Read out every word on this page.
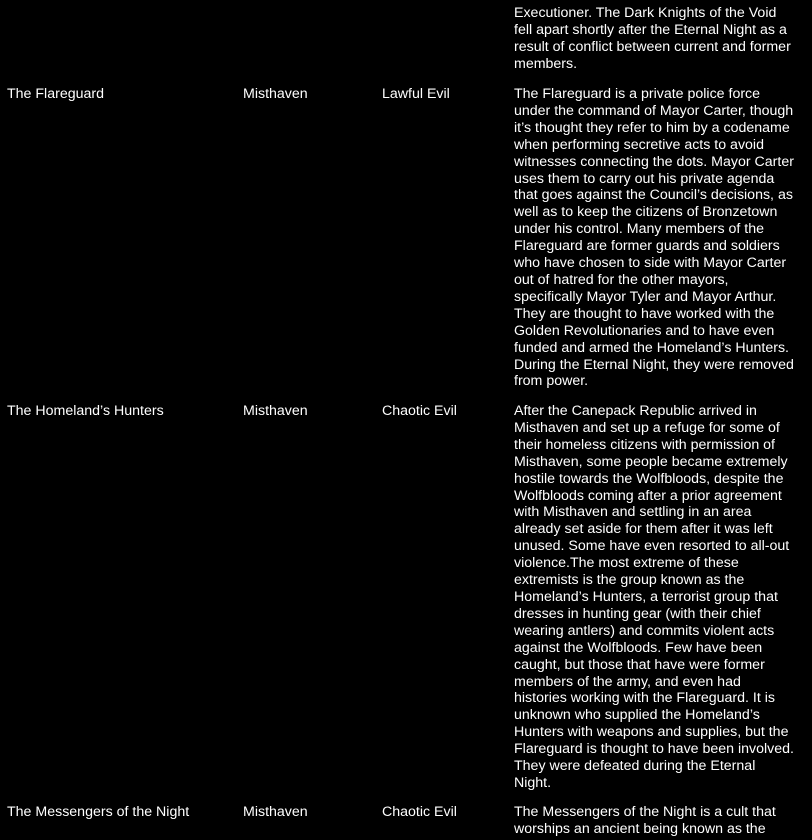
Executioner. The Dark Knights of the Void
fell apart shortly after the Eternal Night as a
result of conflict between current and former
members.
The Flareguard	Misthaven	Lawful Evil	The Flareguard is a private police force
under the command of Mayor Carter, though
it’s thought they refer to him by a codename
when performing secretive acts to avoid
witnesses connecting the dots. Mayor Carter
uses them to carry out his private agenda
that goes against the Council’s decisions, as
well as to keep the citizens of Bronzetown
under his control. Many members of the
Flareguard are former guards and soldiers
who have chosen to side with Mayor Carter
out of hatred for the other mayors,
specifically Mayor Tyler and Mayor Arthur.
They are thought to have worked with the
Golden Revolutionaries and to have even
funded and armed the Homeland’s Hunters.
During the Eternal Night, they were removed
from power.
The Homeland’s Hunters	Misthaven	Chaotic Evil	After the Canepack Republic arrived in
Misthaven and set up a refuge for some of
their homeless citizens with permission of
Misthaven, some people became extremely
hostile towards the Wolfbloods, despite the
Wolfbloods coming after a prior agreement
with Misthaven and settling in an area
already set aside for them after it was left
unused. Some have even resorted to all-out
violence.The most extreme of these
extremists is the group known as the
Homeland’s Hunters, a terrorist group that
dresses in hunting gear (with their chief
wearing antlers) and commits violent acts
against the Wolfbloods. Few have been
caught, but those that have were former
members of the army, and even had
histories working with the Flareguard. It is
unknown who supplied the Homeland’s
Hunters with weapons and supplies, but the
Flareguard is thought to have been involved.
They were defeated during the Eternal
Night.
The Messengers of the Night	Misthaven	Chaotic Evil	The Messengers of the Night is a cult that
worships an ancient being known as the
